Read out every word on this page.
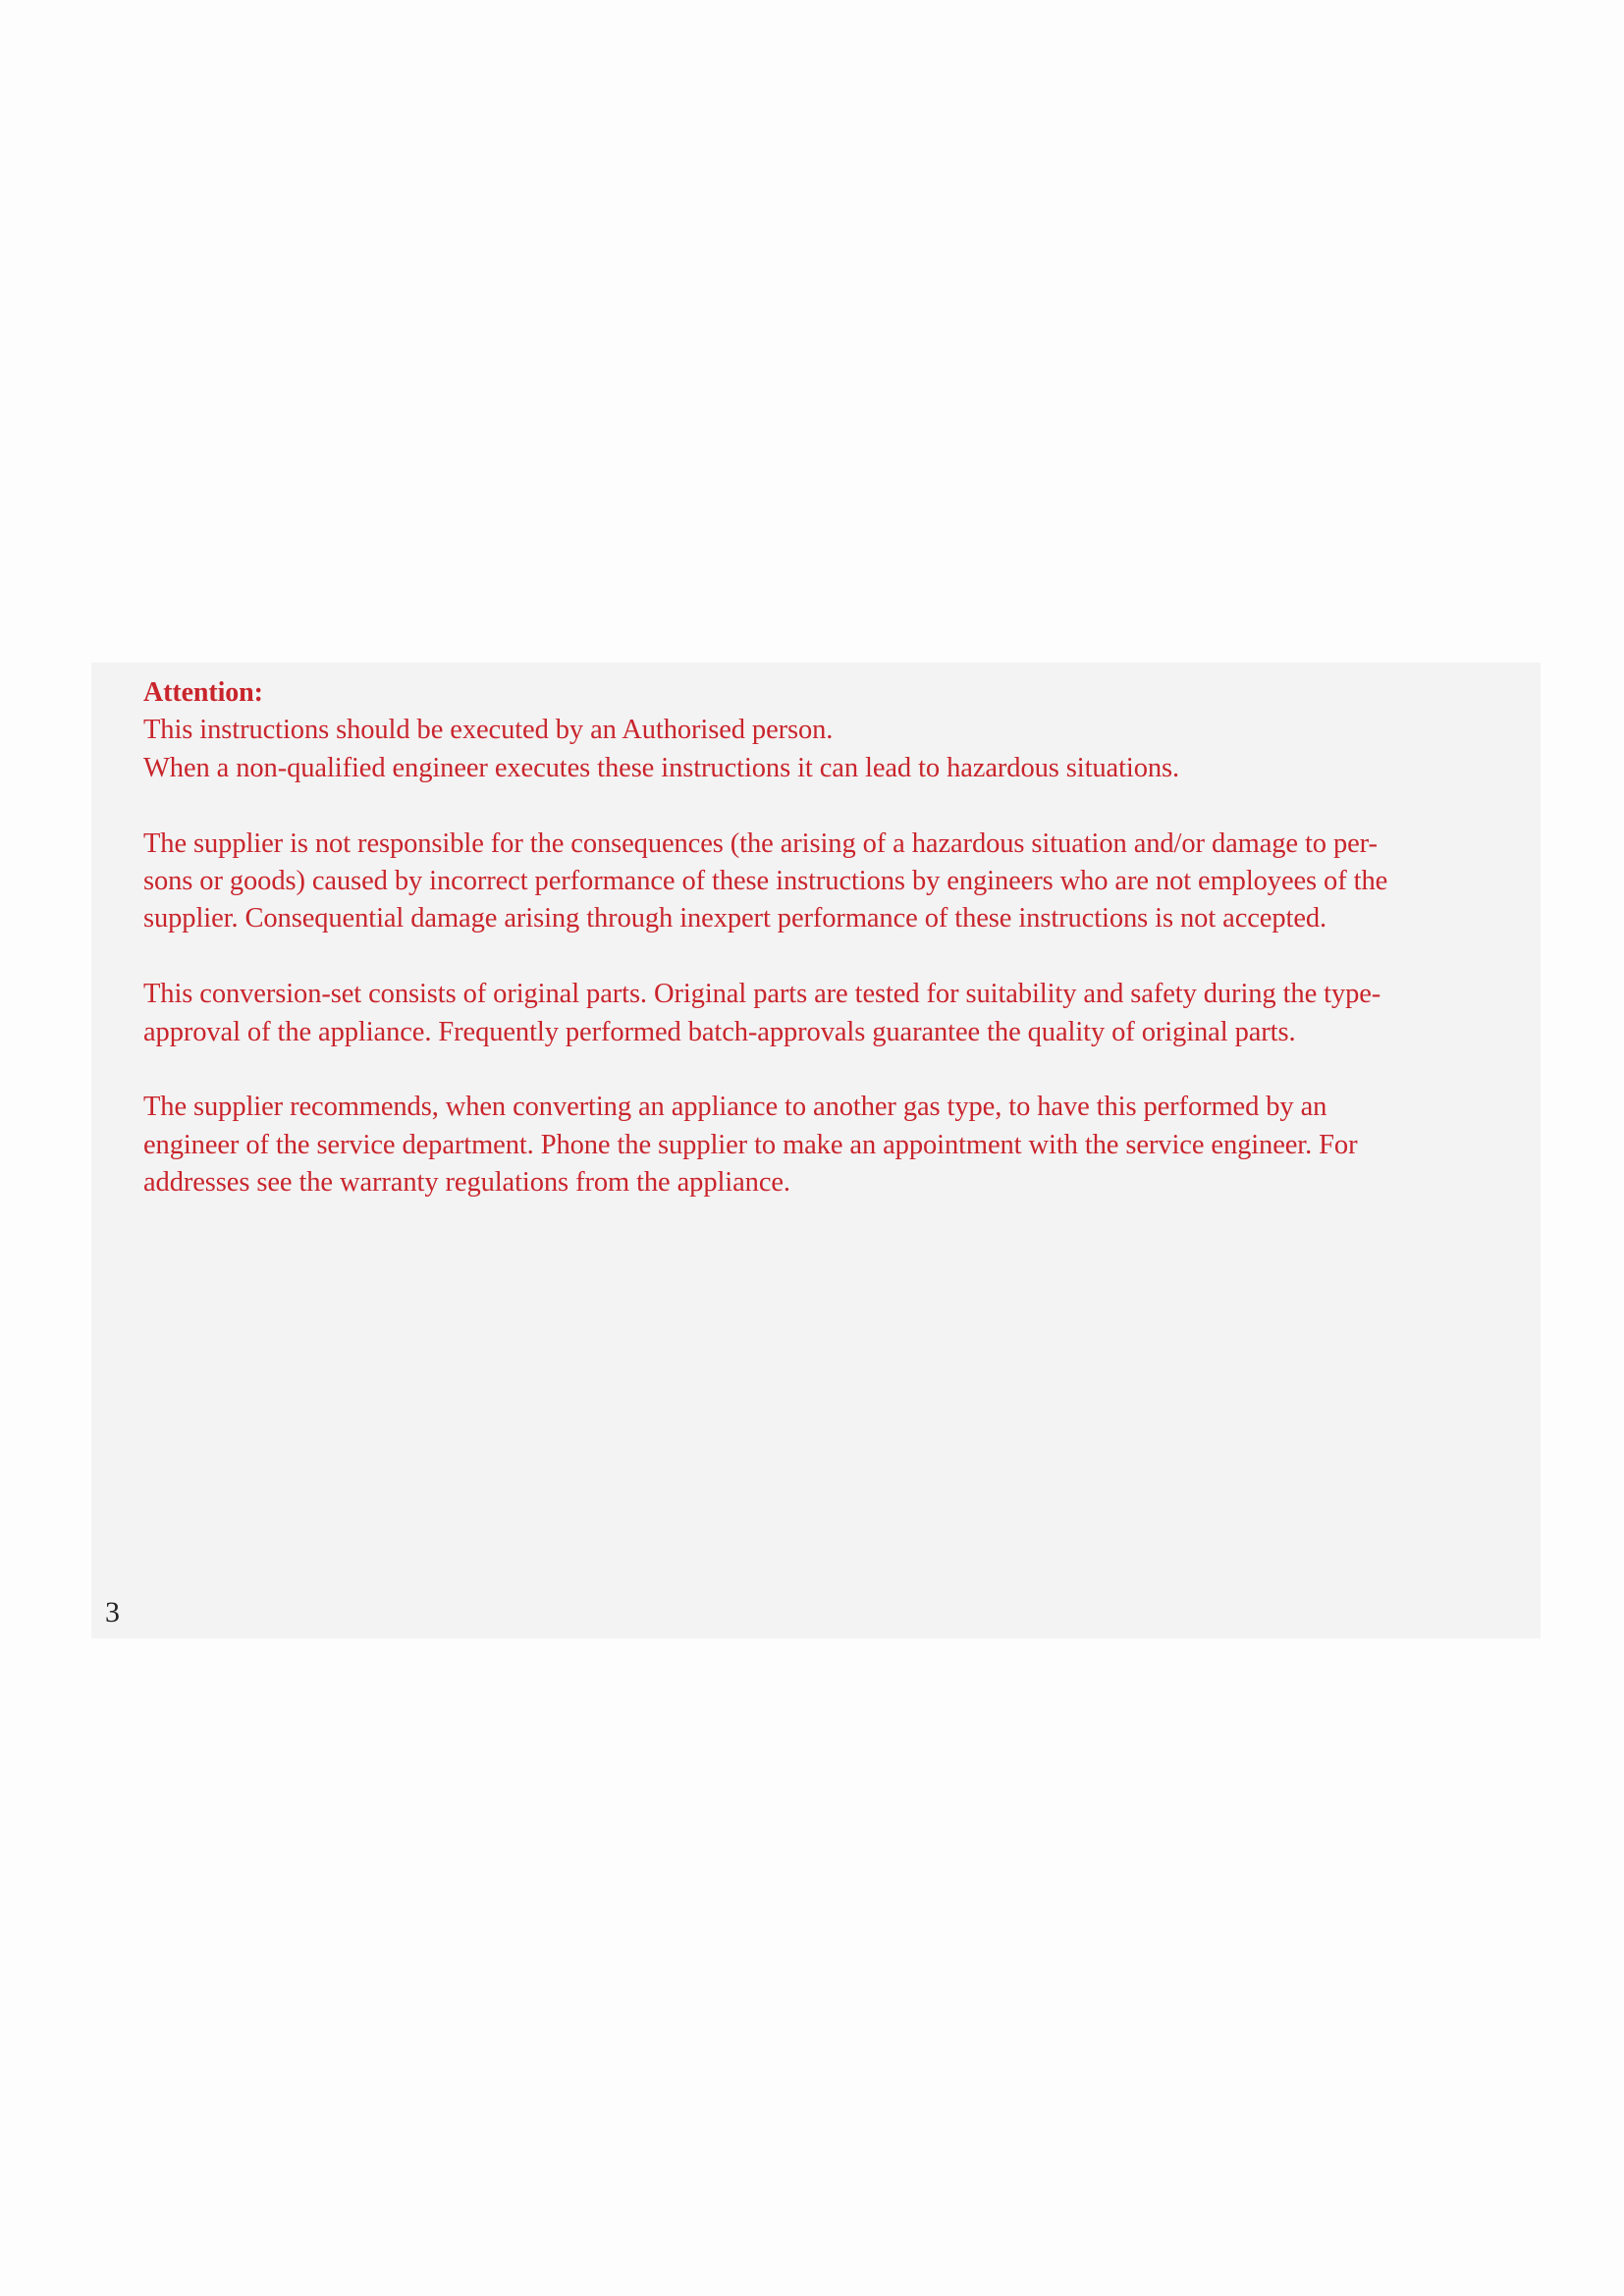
Attention:

This instructions should be executed by an Authorised person.
When a non-qualified engineer executes these instructions it can lead to hazardous situations.
The supplier is not responsible for the consequences (the arising of a hazardous situation and/or damage to per-
sons or goods) caused by incorrect performance of these instructions by engineers who are not employees of the
supplier. Consequential damage arising through inexpert performance of these instructions is not accepted.
This conversion-set consists of original parts. Original parts are tested for suitability and safety during the type-
approval of the appliance. Frequently performed batch-approvals guarantee the quality of original parts.
The supplier recommends, when converting an appliance to another gas type, to have this performed by an
engineer of the service department. Phone the supplier to make an appointment with the service engineer. For
addresses see the warranty regulations from the appliance.
3
